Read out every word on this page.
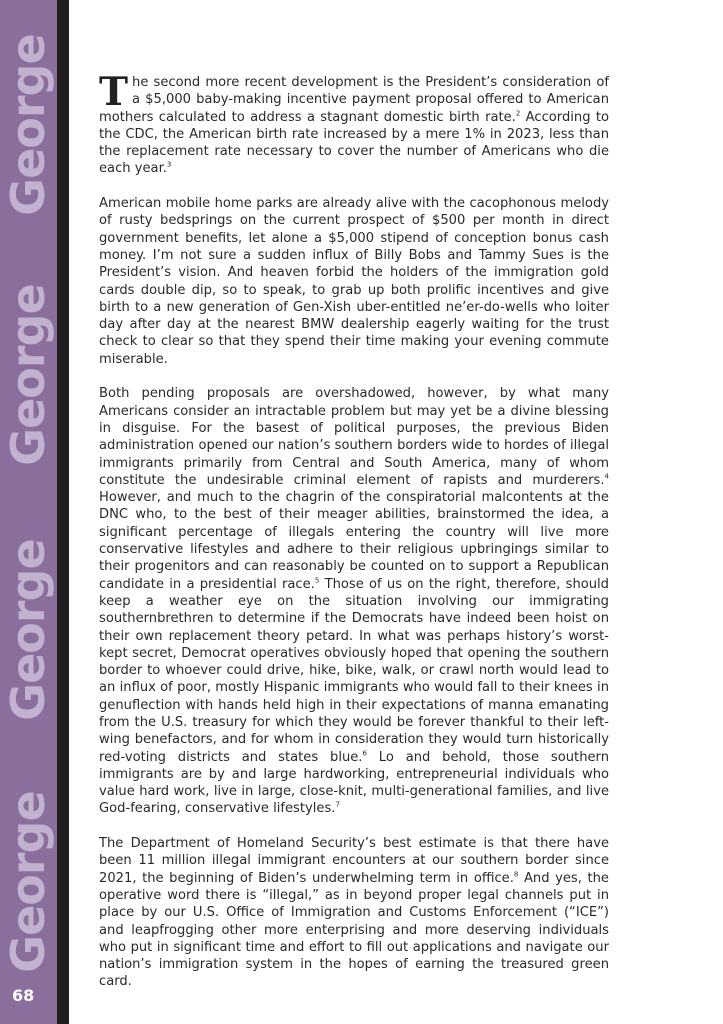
George
George
George
George
68

The second more recent development is the President’s consideration of a $5,000 baby-making incentive payment proposal offered to American mothers calculated to address a stagnant domestic birth rate.$^2$ According to the CDC, the American birth rate increased by a mere 1% in 2023, less than the replacement rate necessary to cover the number of Americans who die each year.$^3$

American mobile home parks are already alive with the cacophonous melody of rusty bedsprings on the current prospect of $500 per month in direct government benefits, let alone a $5,000 stipend of conception bonus cash money. I’m not sure a sudden influx of Billy Bobs and Tammy Sues is the President’s vision. And heaven forbid the holders of the immigration gold cards double dip, so to speak, to grab up both prolific incentives and give birth to a new generation of Gen-Xish uber-entitled ne’er-do-wells who loiter day after day at the nearest BMW dealership eagerly waiting for the trust check to clear so that they spend their time making your evening commute miserable.

Both pending proposals are overshadowed, however, by what many Americans consider an intractable problem but may yet be a divine blessing in disguise. For the basest of political purposes, the previous Biden administration opened our nation’s southern borders wide to hordes of illegal immigrants primarily from Central and South America, many of whom constitute the undesirable criminal element of rapists and murderers.$^4$ However, and much to the chagrin of the conspiratorial malcontents at the DNC who, to the best of their meager abilities, brainstormed the idea, a significant percentage of illegals entering the country will live more conservative lifestyles and adhere to their religious upbringings similar to their progenitors and can reasonably be counted on to support a Republican candidate in a presidential race.$^5$ Those of us on the right, therefore, should keep a weather eye on the situation involving our immigrating southernbrethren to determine if the Democrats have indeed been hoist on their own replacement theory petard. In what was perhaps history’s worst-kept secret, Democrat operatives obviously hoped that opening the southern border to whoever could drive, hike, bike, walk, or crawl north would lead to an influx of poor, mostly Hispanic immigrants who would fall to their knees in genuflection with hands held high in their expectations of manna emanating from the U.S. treasury for which they would be forever thankful to their left-wing benefactors, and for whom in consideration they would turn historically red-voting districts and states blue.$^6$ Lo and behold, those southern immigrants are by and large hardworking, entrepreneurial individuals who value hard work, live in large, close-knit, multi-generational families, and live God-fearing, conservative lifestyles.$^7$

The Department of Homeland Security’s best estimate is that there have been 11 million illegal immigrant encounters at our southern border since 2021, the beginning of Biden’s underwhelming term in office.$^8$ And yes, the operative word there is “illegal,” as in beyond proper legal channels put in place by our U.S. Office of Immigration and Customs Enforcement (“ICE”) and leapfrogging other more enterprising and more deserving individuals who put in significant time and effort to fill out applications and navigate our nation’s immigration system in the hopes of earning the treasured green card.
